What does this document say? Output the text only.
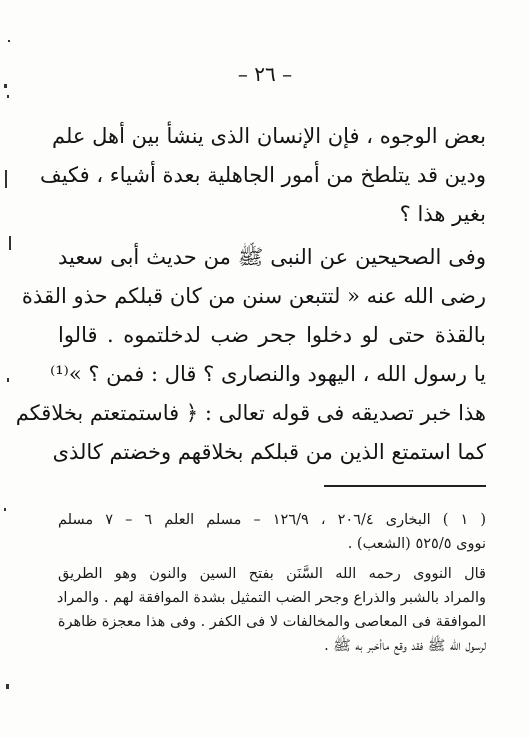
– ٢٦ –
بعض الوجوه ، فإن الإنسان الذى ينشأ بين أهل علم
ودين قد يتلطخ من أمور الجاهلية بعدة أشياء ، فكيف
بغير هذا ؟
وفى الصحيحين عن النبى ﷺ من حديث أبى سعيد
رضى الله عنه « لتتبعن سنن من كان قبلكم حذو القذة
بالقذة حتى لو دخلوا جحر ضب لدخلتموه . قالوا
يا رسول الله ، اليهود والنصارى ؟ قال : فمن ؟ »⁽¹⁾
هذا خبر تصديقه فى قوله تعالى : ﴿ فاستمتعتم بخلاقكم
كما استمتع الذين من قبلكم بخلاقهم وخضتم كالذى
( ١ ) البخارى ٢٠٦/٤ ، ١٢٦/٩ – مسلم العلم ٦ – ٧ مسلم
نووى ٥٢٥/٥ (الشعب) .
قال النووى رحمه الله السَّنَن بفتح السين والنون وهو الطريق
والمراد بالشبر والذراع وجحر الضب التمثيل بشدة الموافقة لهم . والمراد
الموافقة فى المعاصى والمخالفات لا فى الكفر . وفى هذا معجزة ظاهرة
لرسول الله ﷺ فقد وقع ماأخبر به ﷺ .
